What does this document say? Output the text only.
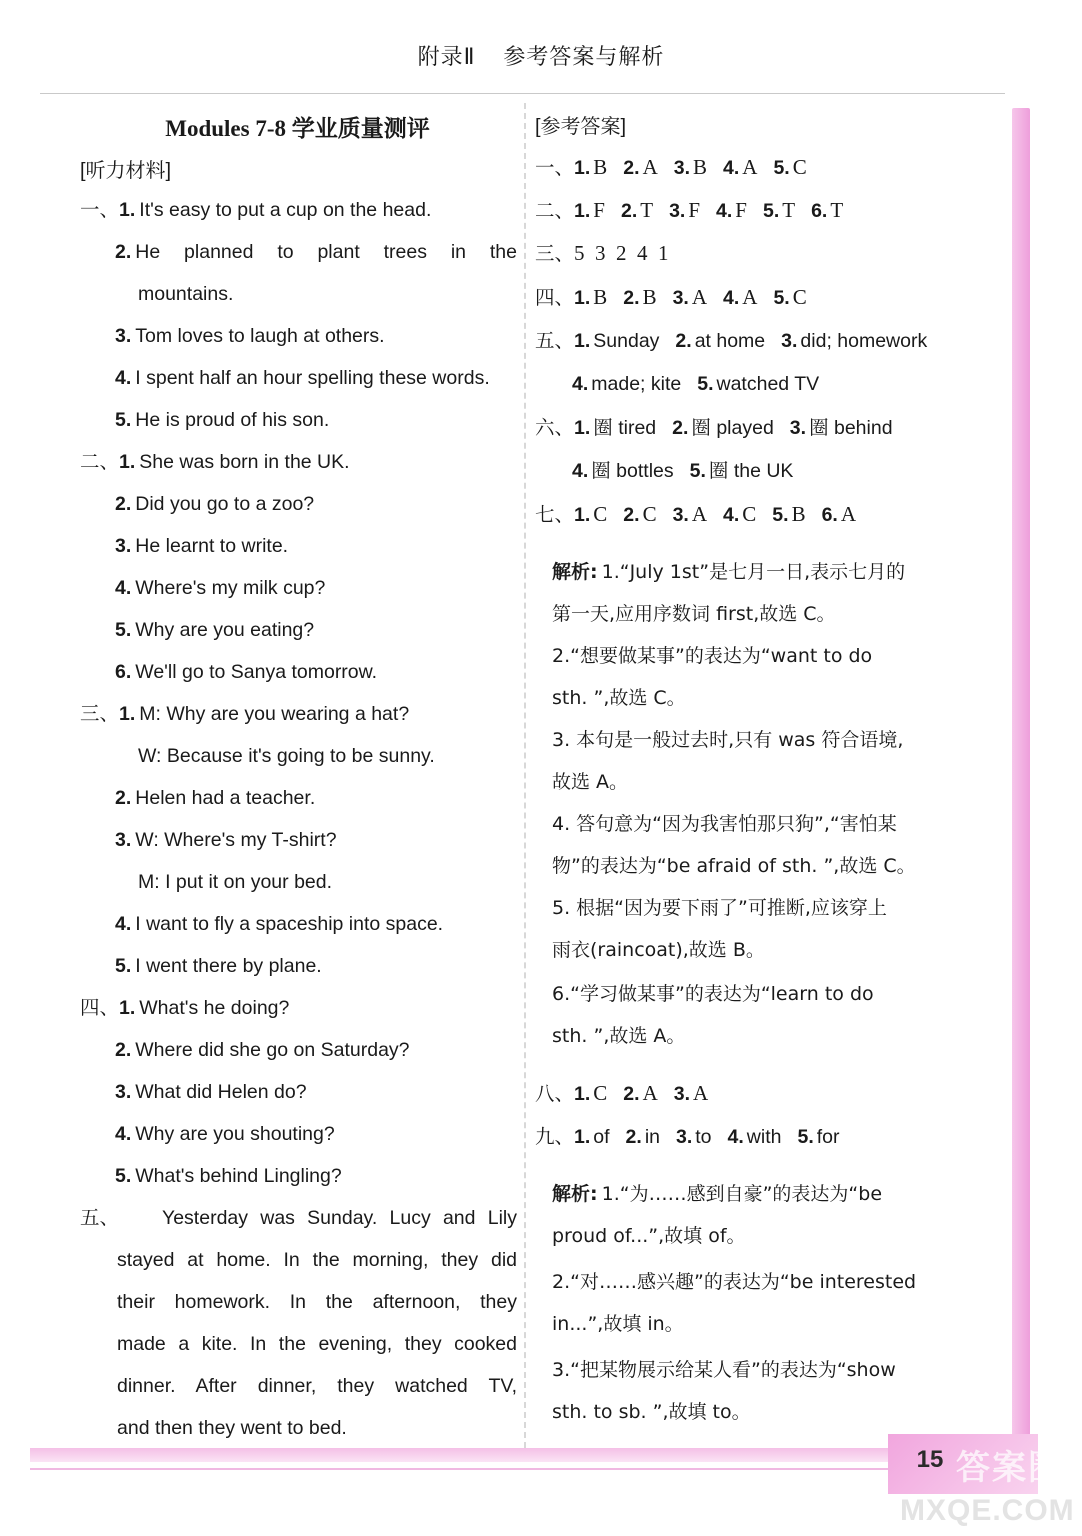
15 答案圈
MXQE.COM
附录Ⅱ 参考答案与解析
Modules 7-8 学业质量测评
[听力材料]
一、1. It's easy to put a cup on the head.
2. He planned to plant trees in the
mountains.
3. Tom loves to laugh at others.
4. I spent half an hour spelling these words.
5. He is proud of his son.
二、1. She was born in the UK.
2. Did you go to a zoo?
3. He learnt to write.
4. Where's my milk cup?
5. Why are you eating?
6. We'll go to Sanya tomorrow.
三、1. M: Why are you wearing a hat?
W: Because it's going to be sunny.
2. Helen had a teacher.
3. W: Where's my T-shirt?
M: I put it on your bed.
4. I want to fly a spaceship into space.
5. I went there by plane.
四、1. What's he doing?
2. Where did she go on Saturday?
3. What did Helen do?
4. Why are you shouting?
5. What's behind Lingling?
五、 Yesterday was Sunday. Lucy and Lily
stayed at home. In the morning, they did
their homework. In the afternoon, they
made a kite. In the evening, they cooked
dinner. After dinner, they watched TV,
and then they went to bed.
[参考答案]
一、1. B 2. A 3. B 4. A 5. C
二、1. F 2. T 3. F 4. F 5. T 6. T
三、5  3  2  4  1
四、1. B 2. B 3. A 4. A 5. C
五、1. Sunday 2. at home 3. did; homework
4. made; kite 5. watched TV
六、1. 圈 tired 2. 圈 played 3. 圈 behind
4. 圈 bottles 5. 圈 the UK
七、1. C 2. C 3. A 4. C 5. B 6. A
解析: 1.“July 1st”是七月一日,表示七月的
第一天,应用序数词 first,故选 C。
2.“想要做某事”的表达为“want to do
sth. ”,故选 C。
3. 本句是一般过去时,只有 was 符合语境,
故选 A。
4. 答句意为“因为我害怕那只狗”,“害怕某
物”的表达为“be afraid of sth. ”,故选 C。
5. 根据“因为要下雨了”可推断,应该穿上
雨衣(raincoat),故选 B。
6.“学习做某事”的表达为“learn to do
sth. ”,故选 A。
八、1. C 2. A 3. A
九、1. of 2. in 3. to 4. with 5. for
解析: 1.“为……感到自豪”的表达为“be
proud of...”,故填 of。
2.“对……感兴趣”的表达为“be interested
in...”,故填 in。
3.“把某物展示给某人看”的表达为“show
sth. to sb. ”,故填 to。
